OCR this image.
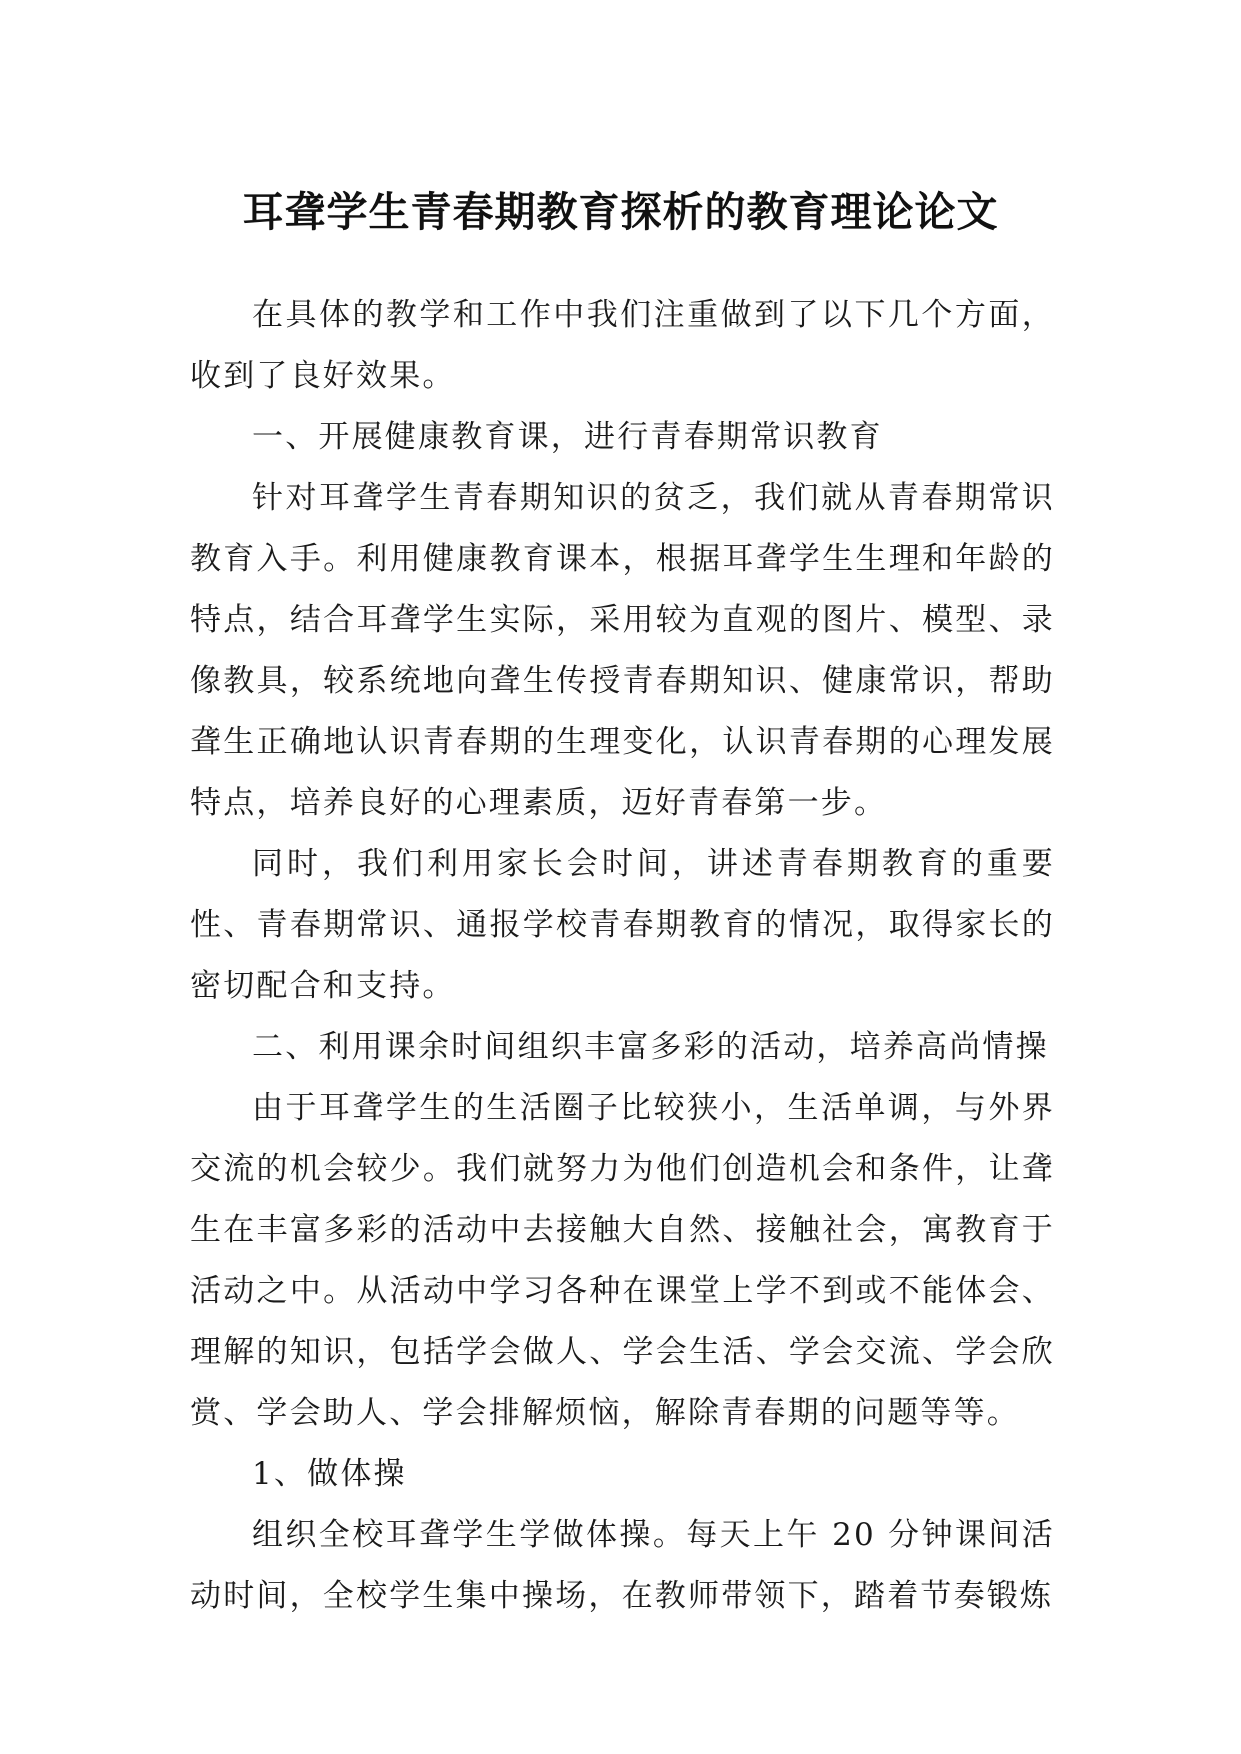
耳聋学生青春期教育探析的教育理论论文

在具体的教学和工作中我们注重做到了以下几个方面，收到了良好效果。

一、开展健康教育课，进行青春期常识教育

针对耳聋学生青春期知识的贫乏，我们就从青春期常识教育入手。利用健康教育课本，根据耳聋学生生理和年龄的特点，结合耳聋学生实际，采用较为直观的图片、模型、录像教具，较系统地向聋生传授青春期知识、健康常识，帮助聋生正确地认识青春期的生理变化，认识青春期的心理发展特点，培养良好的心理素质，迈好青春第一步。

同时，我们利用家长会时间，讲述青春期教育的重要性、青春期常识、通报学校青春期教育的情况，取得家长的密切配合和支持。

二、利用课余时间组织丰富多彩的活动，培养高尚情操

由于耳聋学生的生活圈子比较狭小，生活单调，与外界交流的机会较少。我们就努力为他们创造机会和条件，让聋生在丰富多彩的活动中去接触大自然、接触社会，寓教育于活动之中。从活动中学习各种在课堂上学不到或不能体会、理解的知识，包括学会做人、学会生活、学会交流、学会欣赏、学会助人、学会排解烦恼，解除青春期的问题等等。

1、做体操

组织全校耳聋学生学做体操。每天上午 20 分钟课间活动时间，全校学生集中操场，在教师带领下，踏着节奏锻炼
